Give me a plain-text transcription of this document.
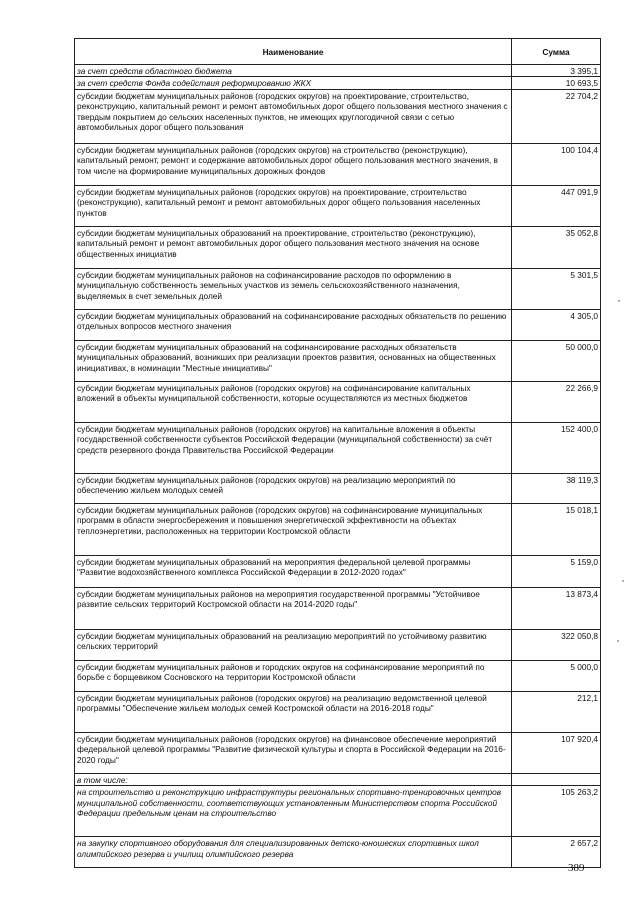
Наименование	Сумма
за счет средств областного бюджета	3 395,1
за счет средств Фонда содействия реформированию ЖКХ	10 693,5
субсидии бюджетам муниципальных районов (городских округов) на проектирование, строительство, реконструкцию, капитальный ремонт и ремонт автомобильных дорог общего пользования местного значения с твердым покрытием до сельских населенных пунктов, не имеющих круглогодичной связи с сетью автомобильных дорог общего пользования	22 704,2
субсидии бюджетам муниципальных районов (городских округов) на строительство (реконструкцию), капитальный ремонт, ремонт и содержание автомобильных дорог общего пользования местного значения, в том числе на формирование муниципальных дорожных фондов	100 104,4
субсидии бюджетам муниципальных районов (городских округов) на проектирование, строительство (реконструкцию), капитальный ремонт и ремонт автомобильных дорог общего пользования населенных пунктов	447 091,9
субсидии бюджетам муниципальных образований на проектирование, строительство (реконструкцию), капитальный ремонт и ремонт автомобильных дорог общего пользования местного значения на основе общественных инициатив	35 052,8
субсидии бюджетам муниципальных районов на софинансирование расходов по оформлению в муниципальную собственность земельных участков из земель сельскохозяйственного назначения, выделяемых в счет земельных долей	5 301,5
субсидии бюджетам муниципальных образований на софинансирование расходных обязательств по решению отдельных вопросов местного значения	4 305,0
субсидии бюджетам муниципальных образований на софинансирование расходных обязательств муниципальных образований, возникших при реализации проектов развития, основанных на общественных инициативах, в номинации "Местные инициативы"	50 000,0
субсидии бюджетам муниципальных районов (городских округов) на софинансирование капитальных вложений в объекты муниципальной собственности, которые осуществляются из местных бюджетов	22 266,9
субсидии бюджетам муниципальных районов (городских округов) на капитальные вложения в объекты государственной собственности субъектов Российской Федерации (муниципальной собственности) за счёт средств резервного фонда Правительства Российской Федерации	152 400,0
субсидии бюджетам муниципальных районов (городских округов) на реализацию мероприятий по обеспечению жильем молодых семей	38 119,3
субсидии бюджетам муниципальных районов (городских округов) на софинансирование муниципальных программ в области энергосбережения и повышения энергетической эффективности на объектах теплоэнергетики, расположенных на территории Костромской области	15 018,1
субсидии бюджетам муниципальных образований на мероприятия федеральной целевой программы "Развитие водохозяйственного комплекса Российской Федерации в 2012-2020 годах"	5 159,0
субсидии бюджетам муниципальных районов на мероприятия государственной программы "Устойчивое развитие сельских территорий Костромской области на 2014-2020 годы"	13 873,4
субсидии бюджетам муниципальных образований на реализацию мероприятий по устойчивому развитию сельских территорий	322 050,8
субсидии бюджетам муниципальных районов и городских округов на софинансирование мероприятий по борьбе с борщевиком Сосновского на территории Костромской области	5 000,0
субсидии бюджетам муниципальных районов (городских округов) на реализацию ведомственной целевой программы "Обеспечение жильем молодых семей Костромской области на 2016-2018 годы"	212,1
субсидии бюджетам муниципальных районов (городских округов) на финансовое обеспечение мероприятий федеральной целевой программы "Развитие физической культуры и спорта в Российской Федерации на 2016-2020 годы"	107 920,4
в том числе:	
на строительство и реконструкцию инфраструктуры региональных спортивно-тренировочных центров муниципальной собственности, соответствующих установленным Министерством спорта Российской Федерации предельным ценам на строительство	105 263,2
на закупку спортивного оборудования для специализированных детско-юношеских спортивных школ олимпийского резерва и училищ олимпийского резерва	2 657,2
389
